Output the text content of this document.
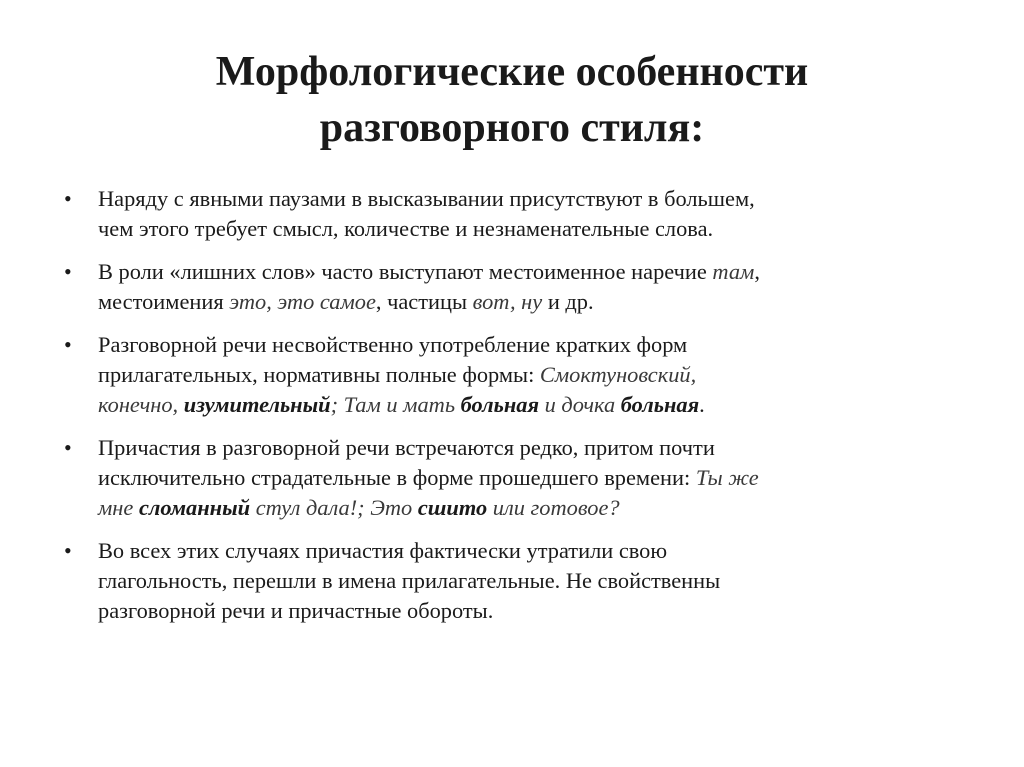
Морфологические особенности
разговорного стиля:
•	Наряду с явными паузами в высказывании присутствуют в большем,
чем этого требует смысл, количестве и незнаменательные слова.
•	В роли «лишних слов» часто выступают местоименное наречие там,
местоимения это, это самое, частицы вот, ну и др.
•	Разговорной речи несвойственно употребление кратких форм
прилагательных, нормативны полные формы: Смоктуновский,
конечно, изумительный; Там и мать больная и дочка больная.
•	Причастия в разговорной речи встречаются редко, притом почти
исключительно страдательные в форме прошедшего времени: Ты же
мне сломанный стул дала!; Это сшито или готовое?
•	Во всех этих случаях причастия фактически утратили свою
глагольность, перешли в имена прилагательные. Не свойственны
разговорной речи и причастные обороты.
